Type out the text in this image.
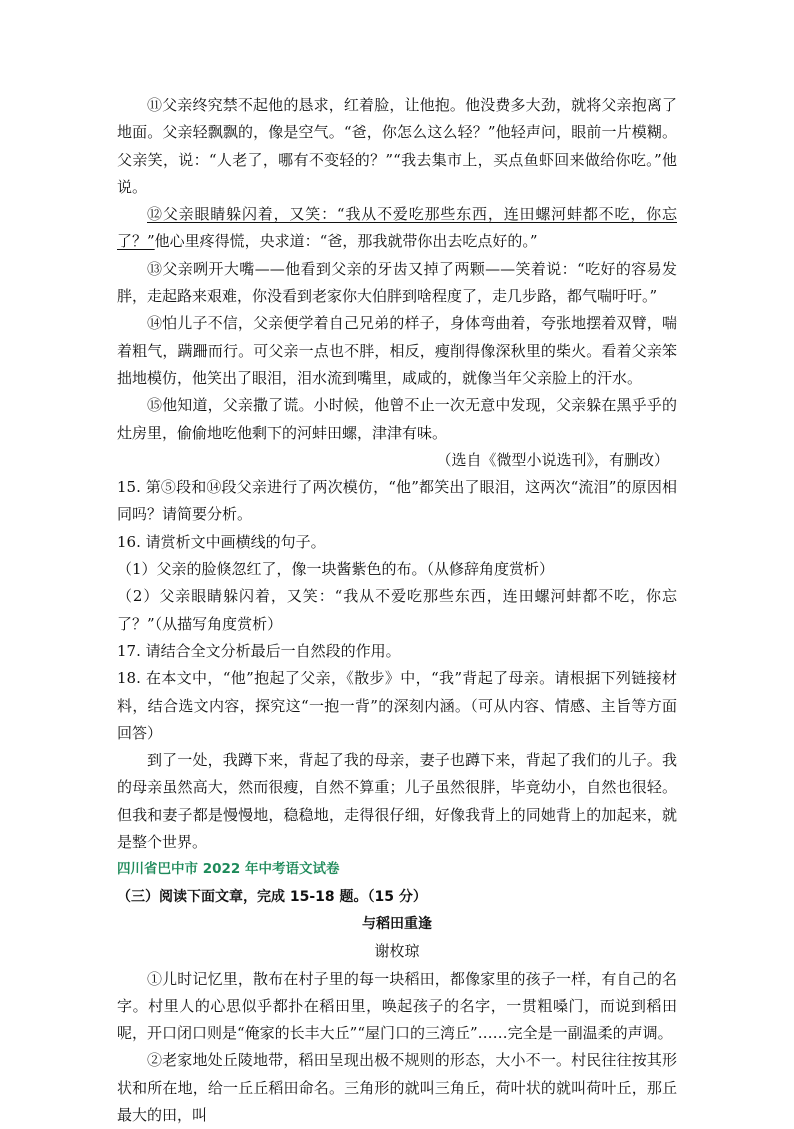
⑪父亲终究禁不起他的恳求，红着脸，让他抱。他没费多大劲，就将父亲抱离了地面。父亲轻飘飘的，像是空气。“爸，你怎么这么轻？”他轻声问，眼前一片模糊。父亲笑，说：“人老了，哪有不变轻的？”“我去集市上，买点鱼虾回来做给你吃。”他说。

⑫父亲眼睛躲闪着，又笑：“我从不爱吃那些东西，连田螺河蚌都不吃，你忘了？”他心里疼得慌，央求道：“爸，那我就带你出去吃点好的。”

⑬父亲咧开大嘴——他看到父亲的牙齿又掉了两颗——笑着说：“吃好的容易发胖，走起路来艰难，你没看到老家你大伯胖到啥程度了，走几步路，都气喘吁吁。”

⑭怕儿子不信，父亲便学着自己兄弟的样子，身体弯曲着，夸张地摆着双臂，喘着粗气，蹒跚而行。可父亲一点也不胖，相反，瘦削得像深秋里的柴火。看着父亲笨拙地模仿，他笑出了眼泪，泪水流到嘴里，咸咸的，就像当年父亲脸上的汗水。

⑮他知道，父亲撒了谎。小时候，他曾不止一次无意中发现，父亲躲在黑乎乎的灶房里，偷偷地吃他剩下的河蚌田螺，津津有味。

（选自《微型小说选刊》，有删改）

15. 第⑤段和⑭段父亲进行了两次模仿，“他”都笑出了眼泪，这两次“流泪”的原因相同吗？请简要分析。

16. 请赏析文中画横线的句子。

（1）父亲的脸倏忽红了，像一块酱紫色的布。（从修辞角度赏析）

（2）父亲眼睛躲闪着，又笑：“我从不爱吃那些东西，连田螺河蚌都不吃，你忘了？”（从描写角度赏析）

17. 请结合全文分析最后一自然段的作用。

18. 在本文中，“他”抱起了父亲，《散步》中，“我”背起了母亲。请根据下列链接材料，结合选文内容，探究这“一抱一背”的深刻内涵。（可从内容、情感、主旨等方面回答）

到了一处，我蹲下来，背起了我的母亲，妻子也蹲下来，背起了我们的儿子。我的母亲虽然高大，然而很瘦，自然不算重；儿子虽然很胖，毕竟幼小，自然也很轻。但我和妻子都是慢慢地，稳稳地，走得很仔细，好像我背上的同她背上的加起来，就是整个世界。

四川省巴中市 2022 年中考语文试卷

（三）阅读下面文章，完成 15-18 题。（15 分）

与稻田重逢

谢枚琼

①儿时记忆里，散布在村子里的每一块稻田，都像家里的孩子一样，有自己的名字。村里人的心思似乎都扑在稻田里，唤起孩子的名字，一贯粗嗓门，而说到稻田呢，开口闭口则是“俺家的长丰大丘”“屋门口的三湾丘”……完全是一副温柔的声调。

②老家地处丘陵地带，稻田呈现出极不规则的形态，大小不一。村民往往按其形状和所在地，给一丘丘稻田命名。三角形的就叫三角丘，荷叶状的就叫荷叶丘，那丘最大的田，叫
